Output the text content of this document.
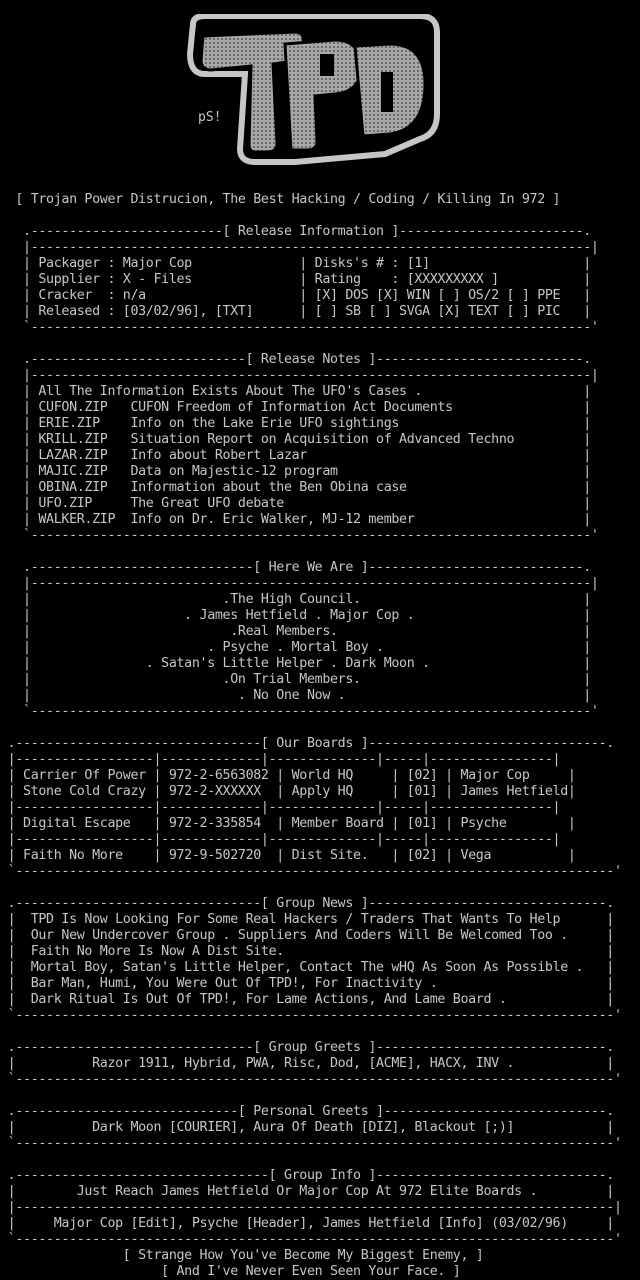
[ Trojan Power Distrucion, The Best Hacking / Coding / Killing In 972 ]

.-------------------------[ Release Information ]------------------------.
|-------------------------------------------------------------------------|
| Packager : Major Cop              | Disks's # : [1]                    |
| Supplier : X - Files              | Rating    : [XXXXXXXXX ]           |
| Cracker  : n/a                    | [X] DOS [X] WIN [ ] OS/2 [ ] PPE   |
| Released : [03/02/96], [TXT]      | [ ] SB [ ] SVGA [X] TEXT [ ] PIC   |
`-------------------------------------------------------------------------'

.----------------------------[ Release Notes ]---------------------------.
|-------------------------------------------------------------------------|
| All The Information Exists About The UFO's Cases .                     |
| CUFON.ZIP   CUFON Freedom of Information Act Documents                 |
| ERIE.ZIP    Info on the Lake Erie UFO sightings                        |
| KRILL.ZIP   Situation Report on Acquisition of Advanced Techno         |
| LAZAR.ZIP   Info about Robert Lazar                                    |
| MAJIC.ZIP   Data on Majestic-12 program                                |
| OBINA.ZIP   Information about the Ben Obina case                       |
| UFO.ZIP     The Great UFO debate                                       |
| WALKER.ZIP  Info on Dr. Eric Walker, MJ-12 member                      |
`-------------------------------------------------------------------------'

.-----------------------------[ Here We Are ]----------------------------.
|-------------------------------------------------------------------------|
|                         .The High Council.                             |
|                    . James Hetfield . Major Cop .                      |
|                          .Real Members.                                |
|                       . Psyche . Mortal Boy .                          |
|               . Satan's Little Helper . Dark Moon .                    |
|                         .On Trial Members.                             |
|                           . No One Now .                               |
`-------------------------------------------------------------------------'

.--------------------------------[ Our Boards ]-------------------------------.
|------------------|-------------|--------------|-----|----------------|
| Carrier Of Power | 972-2-6563082 | World HQ     | [02] | Major Cop     |
| Stone Cold Crazy | 972-2-XXXXXX  | Apply HQ     | [01] | James Hetfield|
|------------------|-------------|--------------|-----|----------------|
| Digital Escape   | 972-2-335854  | Member Board | [01] | Psyche        |
|------------------|-------------|--------------|-----|----------------|
| Faith No More    | 972-9-502720  | Dist Site.   | [02] | Vega          |
`------------------------------------------------------------------------------'

.--------------------------------[ Group News ]-------------------------------.
|  TPD Is Now Looking For Some Real Hackers / Traders That Wants To Help      |
|  Our New Undercover Group . Suppliers And Coders Will Be Welcomed Too .     |
|  Faith No More Is Now A Dist Site.                                          |
|  Mortal Boy, Satan's Little Helper, Contact The wHQ As Soon As Possible .   |
|  Bar Man, Humi, You Were Out Of TPD!, For Inactivity .                      |
|  Dark Ritual Is Out Of TPD!, For Lame Actions, And Lame Board .             |
`------------------------------------------------------------------------------'

.-------------------------------[ Group Greets ]------------------------------.
|          Razor 1911, Hybrid, PWA, Risc, Dod, [ACME], HACX, INV .            |
`------------------------------------------------------------------------------'

.-----------------------------[ Personal Greets ]-----------------------------.
|          Dark Moon [COURIER], Aura Of Death [DIZ], Blackout [;)]            |
`------------------------------------------------------------------------------'

.---------------------------------[ Group Info ]------------------------------.
|        Just Reach James Hetfield Or Major Cop At 972 Elite Boards .         |
|------------------------------------------------------------------------------|
|     Major Cop [Edit], Psyche [Header], James Hetfield [Info] (03/02/96)     |
`------------------------------------------------------------------------------'
[ Strange How You've Become My Biggest Enemy, ]
[ And I've Never Even Seen Your Face. ]

pS!
